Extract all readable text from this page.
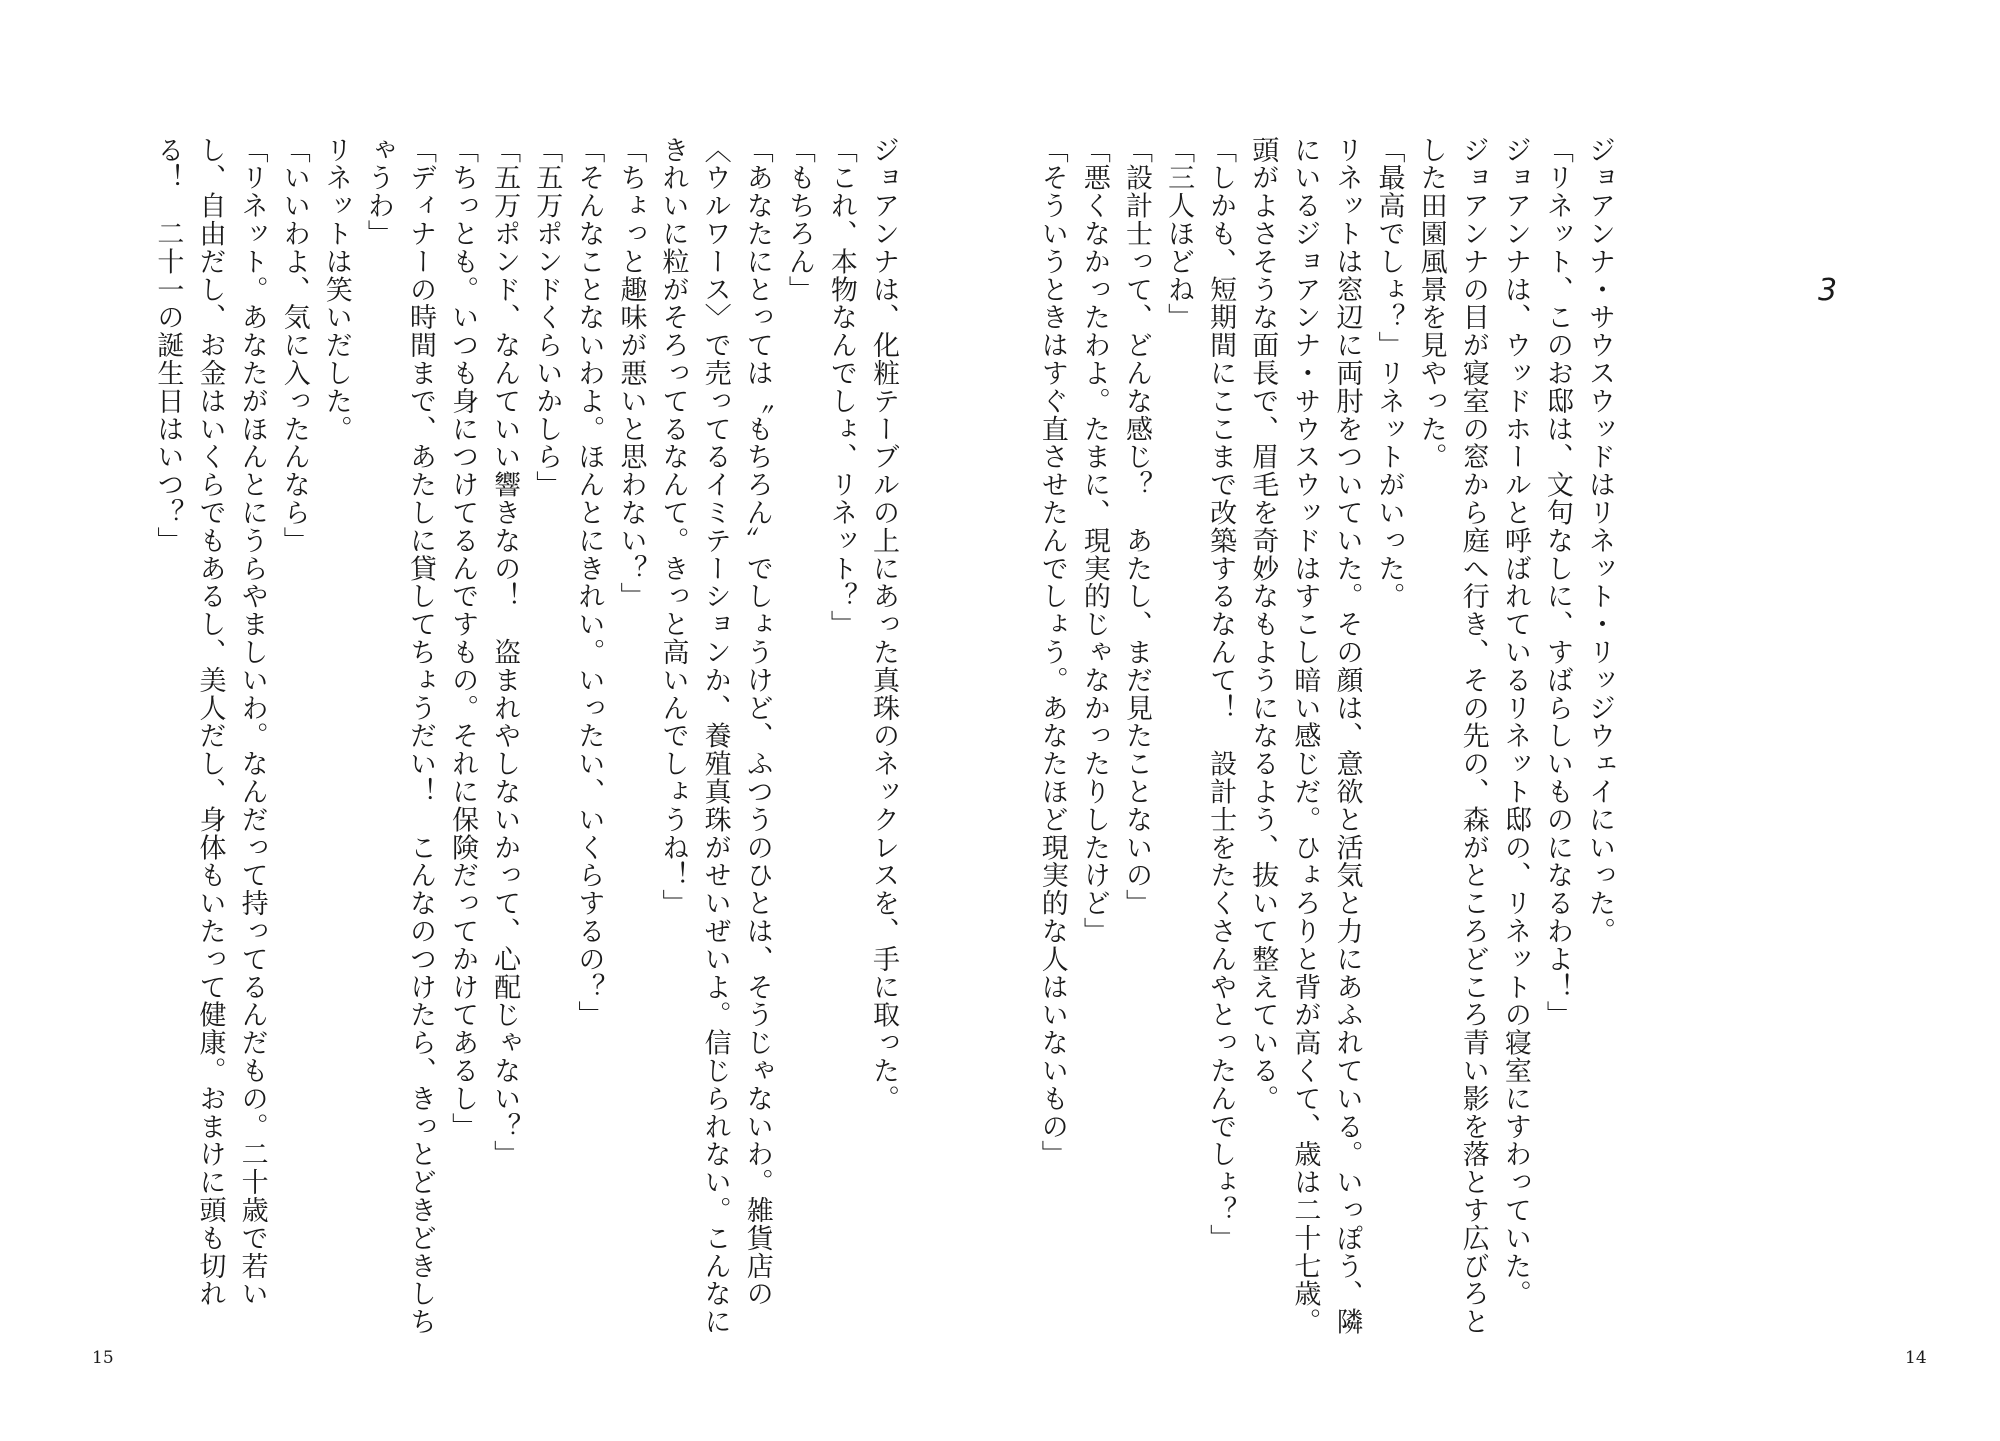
ジョアンナは、化粧テーブルの上にあった真珠のネックレスを、手に取った。

「これ、本物なんでしょ、リネット？」

「もちろん」

「あなたにとっては〝もちろん〟でしょうけど、ふつうのひとは、そうじゃないわ。雑貨店の〈ウルワース〉で売ってるイミテーションか、養殖真珠がせいぜいよ。信じられない。こんなにきれいに粒がそろってるなんて。きっと高いんでしょうね！」

「ちょっと趣味が悪いと思わない？」

「そんなことないわよ。ほんとにきれい。いったい、いくらするの？」

「五万ポンドくらいかしら」

「五万ポンド、なんていい響きなの！　盗まれやしないかって、心配じゃない？」

「ちっとも。いつも身につけてるんですもの。それに保険だってかけてあるし」

「ディナーの時間まで、あたしに貸してちょうだい！　こんなのつけたら、きっとどきどきしちゃうわ」

リネットは笑いだした。

「いいわよ、気に入ったんなら」

「リネット。あなたがほんとにうらやましいわ。なんだって持ってるんだもの。二十歳で若いし、自由だし、お金はいくらでもあるし、美人だし、身体もいたって健康。おまけに頭も切れる！　二十一の誕生日はいつ？」

15
3

ジョアンナ・サウスウッドはリネット・リッジウェイにいった。

「リネット、このお邸は、文句なしに、すばらしいものになるわよ！」

ジョアンナは、ウッドホールと呼ばれているリネット邸の、リネットの寝室にすわっていた。

ジョアンナの目が寝室の窓から庭へ行き、その先の、森がところどころ青い影を落とす広びろとした田園風景を見やった。

「最高でしょ？」リネットがいった。

リネットは窓辺に両肘をついていた。その顔は、意欲と活気と力にあふれている。いっぽう、隣にいるジョアンナ・サウスウッドはすこし暗い感じだ。ひょろりと背が高くて、歳は二十七歳。頭がよさそうな面長で、眉毛を奇妙なもようになるよう、抜いて整えている。

「しかも、短期間にここまで改築するなんて！　設計士をたくさんやとったんでしょ？」

「三人ほどね」

「設計士って、どんな感じ？　あたし、まだ見たことないの」

「悪くなかったわよ。たまに、現実的じゃなかったりしたけど」

「そういうときはすぐ直させたんでしょう。あなたほど現実的な人はいないもの」

14
